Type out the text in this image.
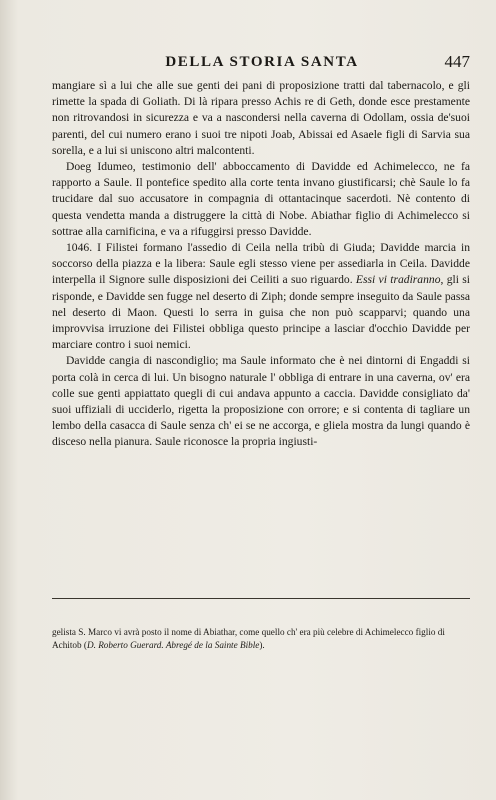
DELLA STORIA SANTA	447

mangiare sì a lui che alle sue genti dei pani di proposizione tratti dal tabernacolo, e gli rimette la spada di Goliath. Di là ripara presso Achis re di Geth, donde esce prestamente non ritrovandosi in sicurezza e va a nascondersi nella caverna di Odollam, ossia de'suoi parenti, del cui numero erano i suoi tre nipoti Joab, Abissai ed Asaele figli di Sarvia sua sorella, e a lui si uniscono altri malcontenti.

Doeg Idumeo, testimonio dell' abboccamento di Davidde ed Achimelecco, ne fa rapporto a Saule. Il pontefice spedito alla corte tenta invano giustificarsi; chè Saule lo fa trucidare dal suo accusatore in compagnia di ottantacinque sacerdoti. Nè contento di questa vendetta manda a distruggere la città di Nobe. Abiathar figlio di Achimelecco si sottrae alla carnificina, e va a rifuggirsi presso Davidde.

1046. I Filistei formano l'assedio di Ceila nella tribù di Giuda; Davidde marcia in soccorso della piazza e la libera: Saule egli stesso viene per assediarla in Ceila. Davidde interpella il Signore sulle disposizioni dei Ceiliti a suo riguardo. Essi vi tradiranno, gli si risponde, e Davidde sen fugge nel deserto di Ziph; donde sempre inseguito da Saule passa nel deserto di Maon. Questi lo serra in guisa che non può scapparvi; quando una improvvisa irruzione dei Filistei obbliga questo principe a lasciar d'occhio Davidde per marciare contro i suoi nemici.

Davidde cangia di nascondiglio; ma Saule informato che è nei dintorni di Engaddi si porta colà in cerca di lui. Un bisogno naturale l' obbliga di entrare in una caverna, ov' era colle sue genti appiattato quegli di cui andava appunto a caccia. Davidde consigliato da' suoi uffiziali di ucciderlo, rigetta la proposizione con orrore; e si contenta di tagliare un lembo della casacca di Saule senza ch' ei se ne accorga, e gliela mostra da lungi quando è disceso nella pianura. Saule riconosce la propria ingiusti-

gelista S. Marco vi avrà posto il nome di Abiathar, come quello ch' era più celebre di Achimelecco figlio di Achitob (D. Roberto Guerard. Abregé de la Sainte Bible).
